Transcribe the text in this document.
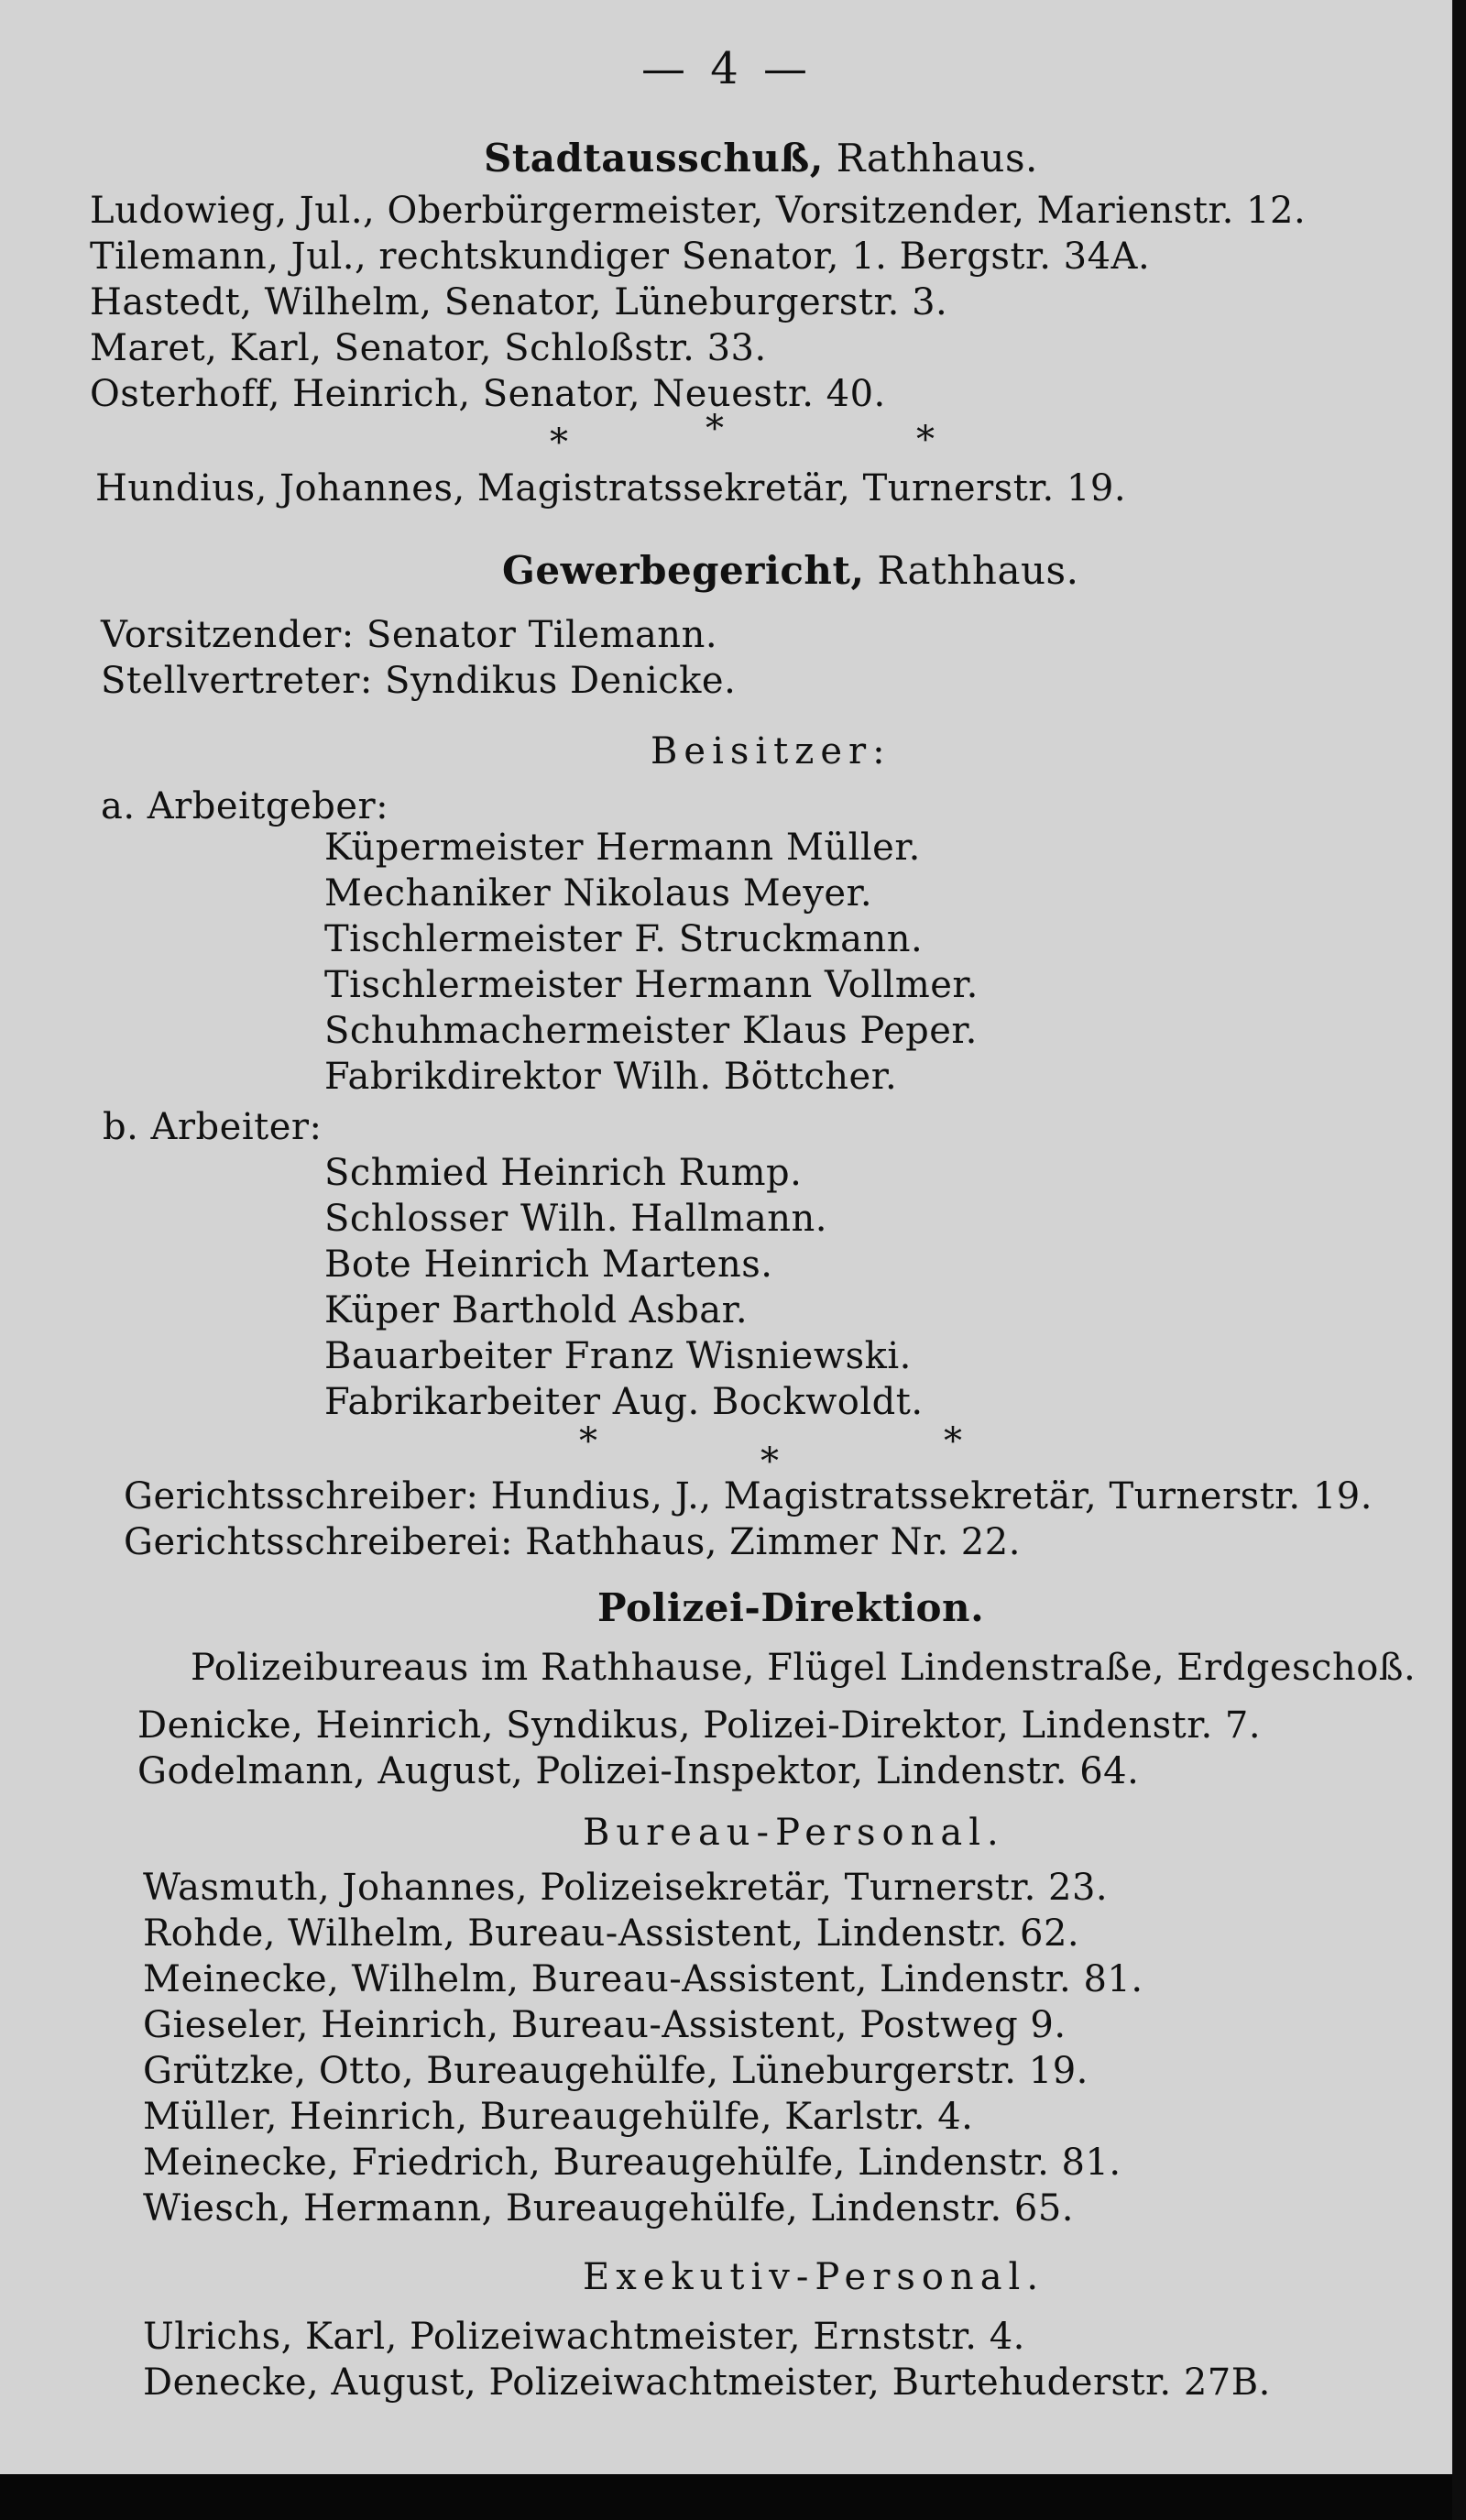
— 4 —
Stadtausschuß, Rathhaus.
Ludowieg, Jul., Oberbürgermeister, Vorsitzender, Marienstr. 12.
Tilemann, Jul., rechtskundiger Senator, 1. Bergstr. 34A.
Hastedt, Wilhelm, Senator, Lüneburgerstr. 3.
Maret, Karl, Senator, Schloßstr. 33.
Osterhoff, Heinrich, Senator, Neuestr. 40.
*	*	*
Hundius, Johannes, Magistratssekretär, Turnerstr. 19.
Gewerbegericht, Rathhaus.
Vorsitzender: Senator Tilemann.
Stellvertreter: Syndikus Denicke.
Beisitzer:
a. Arbeitgeber:
Küpermeister Hermann Müller.
Mechaniker Nikolaus Meyer.
Tischlermeister F. Struckmann.
Tischlermeister Hermann Vollmer.
Schuhmachermeister Klaus Peper.
Fabrikdirektor Wilh. Böttcher.
b. Arbeiter:
Schmied Heinrich Rump.
Schlosser Wilh. Hallmann.
Bote Heinrich Martens.
Küper Barthold Asbar.
Bauarbeiter Franz Wisniewski.
Fabrikarbeiter Aug. Bockwoldt.
*	*	*
Gerichtsschreiber: Hundius, J., Magistratssekretär, Turnerstr. 19.
Gerichtsschreiberei: Rathhaus, Zimmer Nr. 22.
Polizei-Direktion.
Polizeibureaus im Rathhause, Flügel Lindenstraße, Erdgeschoß.
Denicke, Heinrich, Syndikus, Polizei-Direktor, Lindenstr. 7.
Godelmann, August, Polizei-Inspektor, Lindenstr. 64.
Bureau-Personal.
Wasmuth, Johannes, Polizeisekretär, Turnerstr. 23.
Rohde, Wilhelm, Bureau-Assistent, Lindenstr. 62.
Meinecke, Wilhelm, Bureau-Assistent, Lindenstr. 81.
Gieseler, Heinrich, Bureau-Assistent, Postweg 9.
Grützke, Otto, Bureaugehülfe, Lüneburgerstr. 19.
Müller, Heinrich, Bureaugehülfe, Karlstr. 4.
Meinecke, Friedrich, Bureaugehülfe, Lindenstr. 81.
Wiesch, Hermann, Bureaugehülfe, Lindenstr. 65.
Exekutiv-Personal.
Ulrichs, Karl, Polizeiwachtmeister, Ernststr. 4.
Denecke, August, Polizeiwachtmeister, Burtehuderstr. 27B.
